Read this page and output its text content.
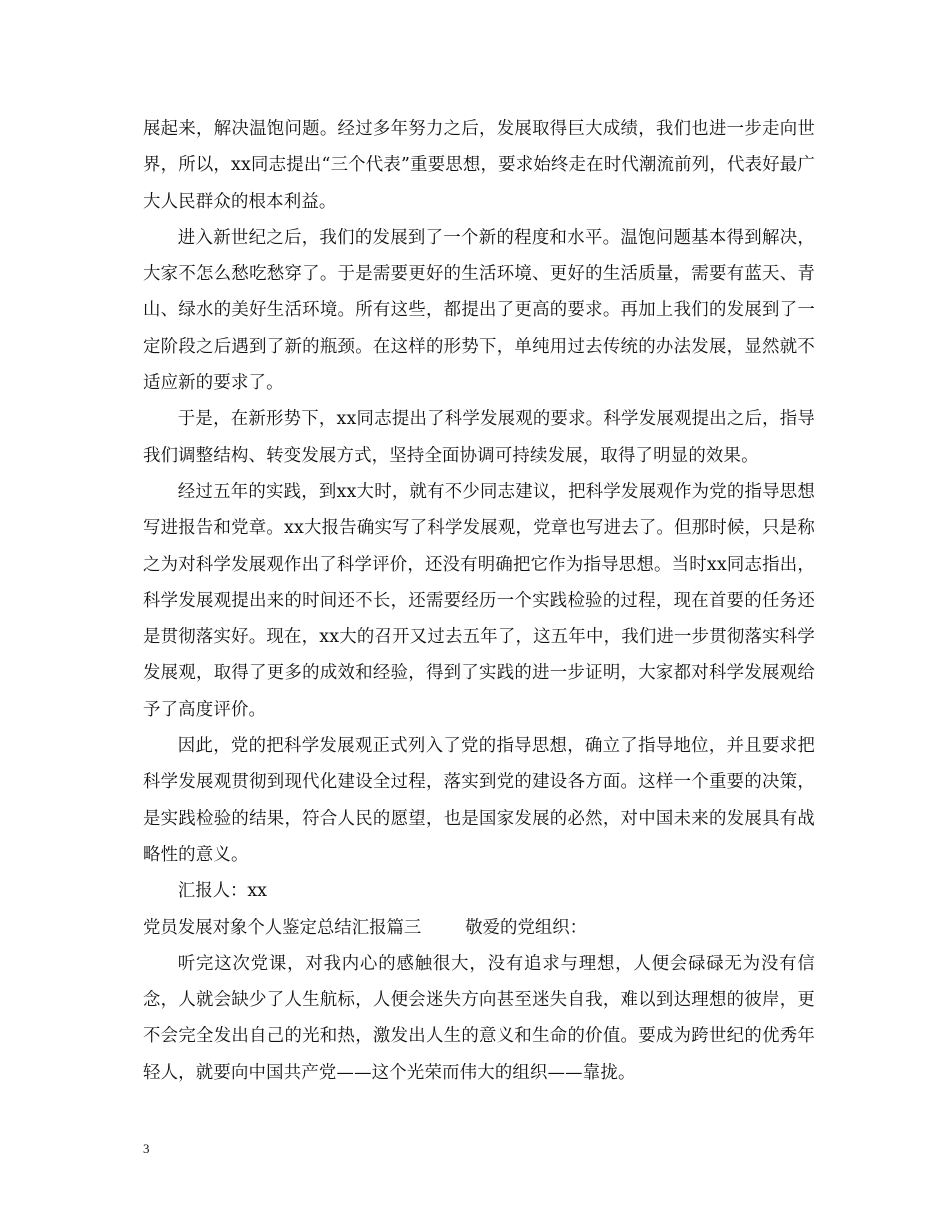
展起来，解决温饱问题。经过多年努力之后，发展取得巨大成绩，我们也进一步走向世界，所以，xx同志提出“三个代表”重要思想，要求始终走在时代潮流前列，代表好最广大人民群众的根本利益。

进入新世纪之后，我们的发展到了一个新的程度和水平。温饱问题基本得到解决，大家不怎么愁吃愁穿了。于是需要更好的生活环境、更好的生活质量，需要有蓝天、青山、绿水的美好生活环境。所有这些，都提出了更高的要求。再加上我们的发展到了一定阶段之后遇到了新的瓶颈。在这样的形势下，单纯用过去传统的办法发展，显然就不适应新的要求了。

于是，在新形势下，xx同志提出了科学发展观的要求。科学发展观提出之后，指导我们调整结构、转变发展方式，坚持全面协调可持续发展，取得了明显的效果。

经过五年的实践，到xx大时，就有不少同志建议，把科学发展观作为党的指导思想写进报告和党章。xx大报告确实写了科学发展观，党章也写进去了。但那时候，只是称之为对科学发展观作出了科学评价，还没有明确把它作为指导思想。当时xx同志指出，科学发展观提出来的时间还不长，还需要经历一个实践检验的过程，现在首要的任务还是贯彻落实好。现在，xx大的召开又过去五年了，这五年中，我们进一步贯彻落实科学发展观，取得了更多的成效和经验，得到了实践的进一步证明，大家都对科学发展观给予了高度评价。

因此，党的把科学发展观正式列入了党的指导思想，确立了指导地位，并且要求把科学发展观贯彻到现代化建设全过程，落实到党的建设各方面。这样一个重要的决策，是实践检验的结果，符合人民的愿望，也是国家发展的必然，对中国未来的发展具有战略性的意义。

汇报人：xx

党员发展对象个人鉴定总结汇报篇三	敬爱的党组织：

听完这次党课，对我内心的感触很大，没有追求与理想，人便会碌碌无为没有信念，人就会缺少了人生航标，人便会迷失方向甚至迷失自我，难以到达理想的彼岸，更不会完全发出自己的光和热，激发出人生的意义和生命的价值。要成为跨世纪的优秀年轻人，就要向中国共产党——这个光荣而伟大的组织——靠拢。

3
